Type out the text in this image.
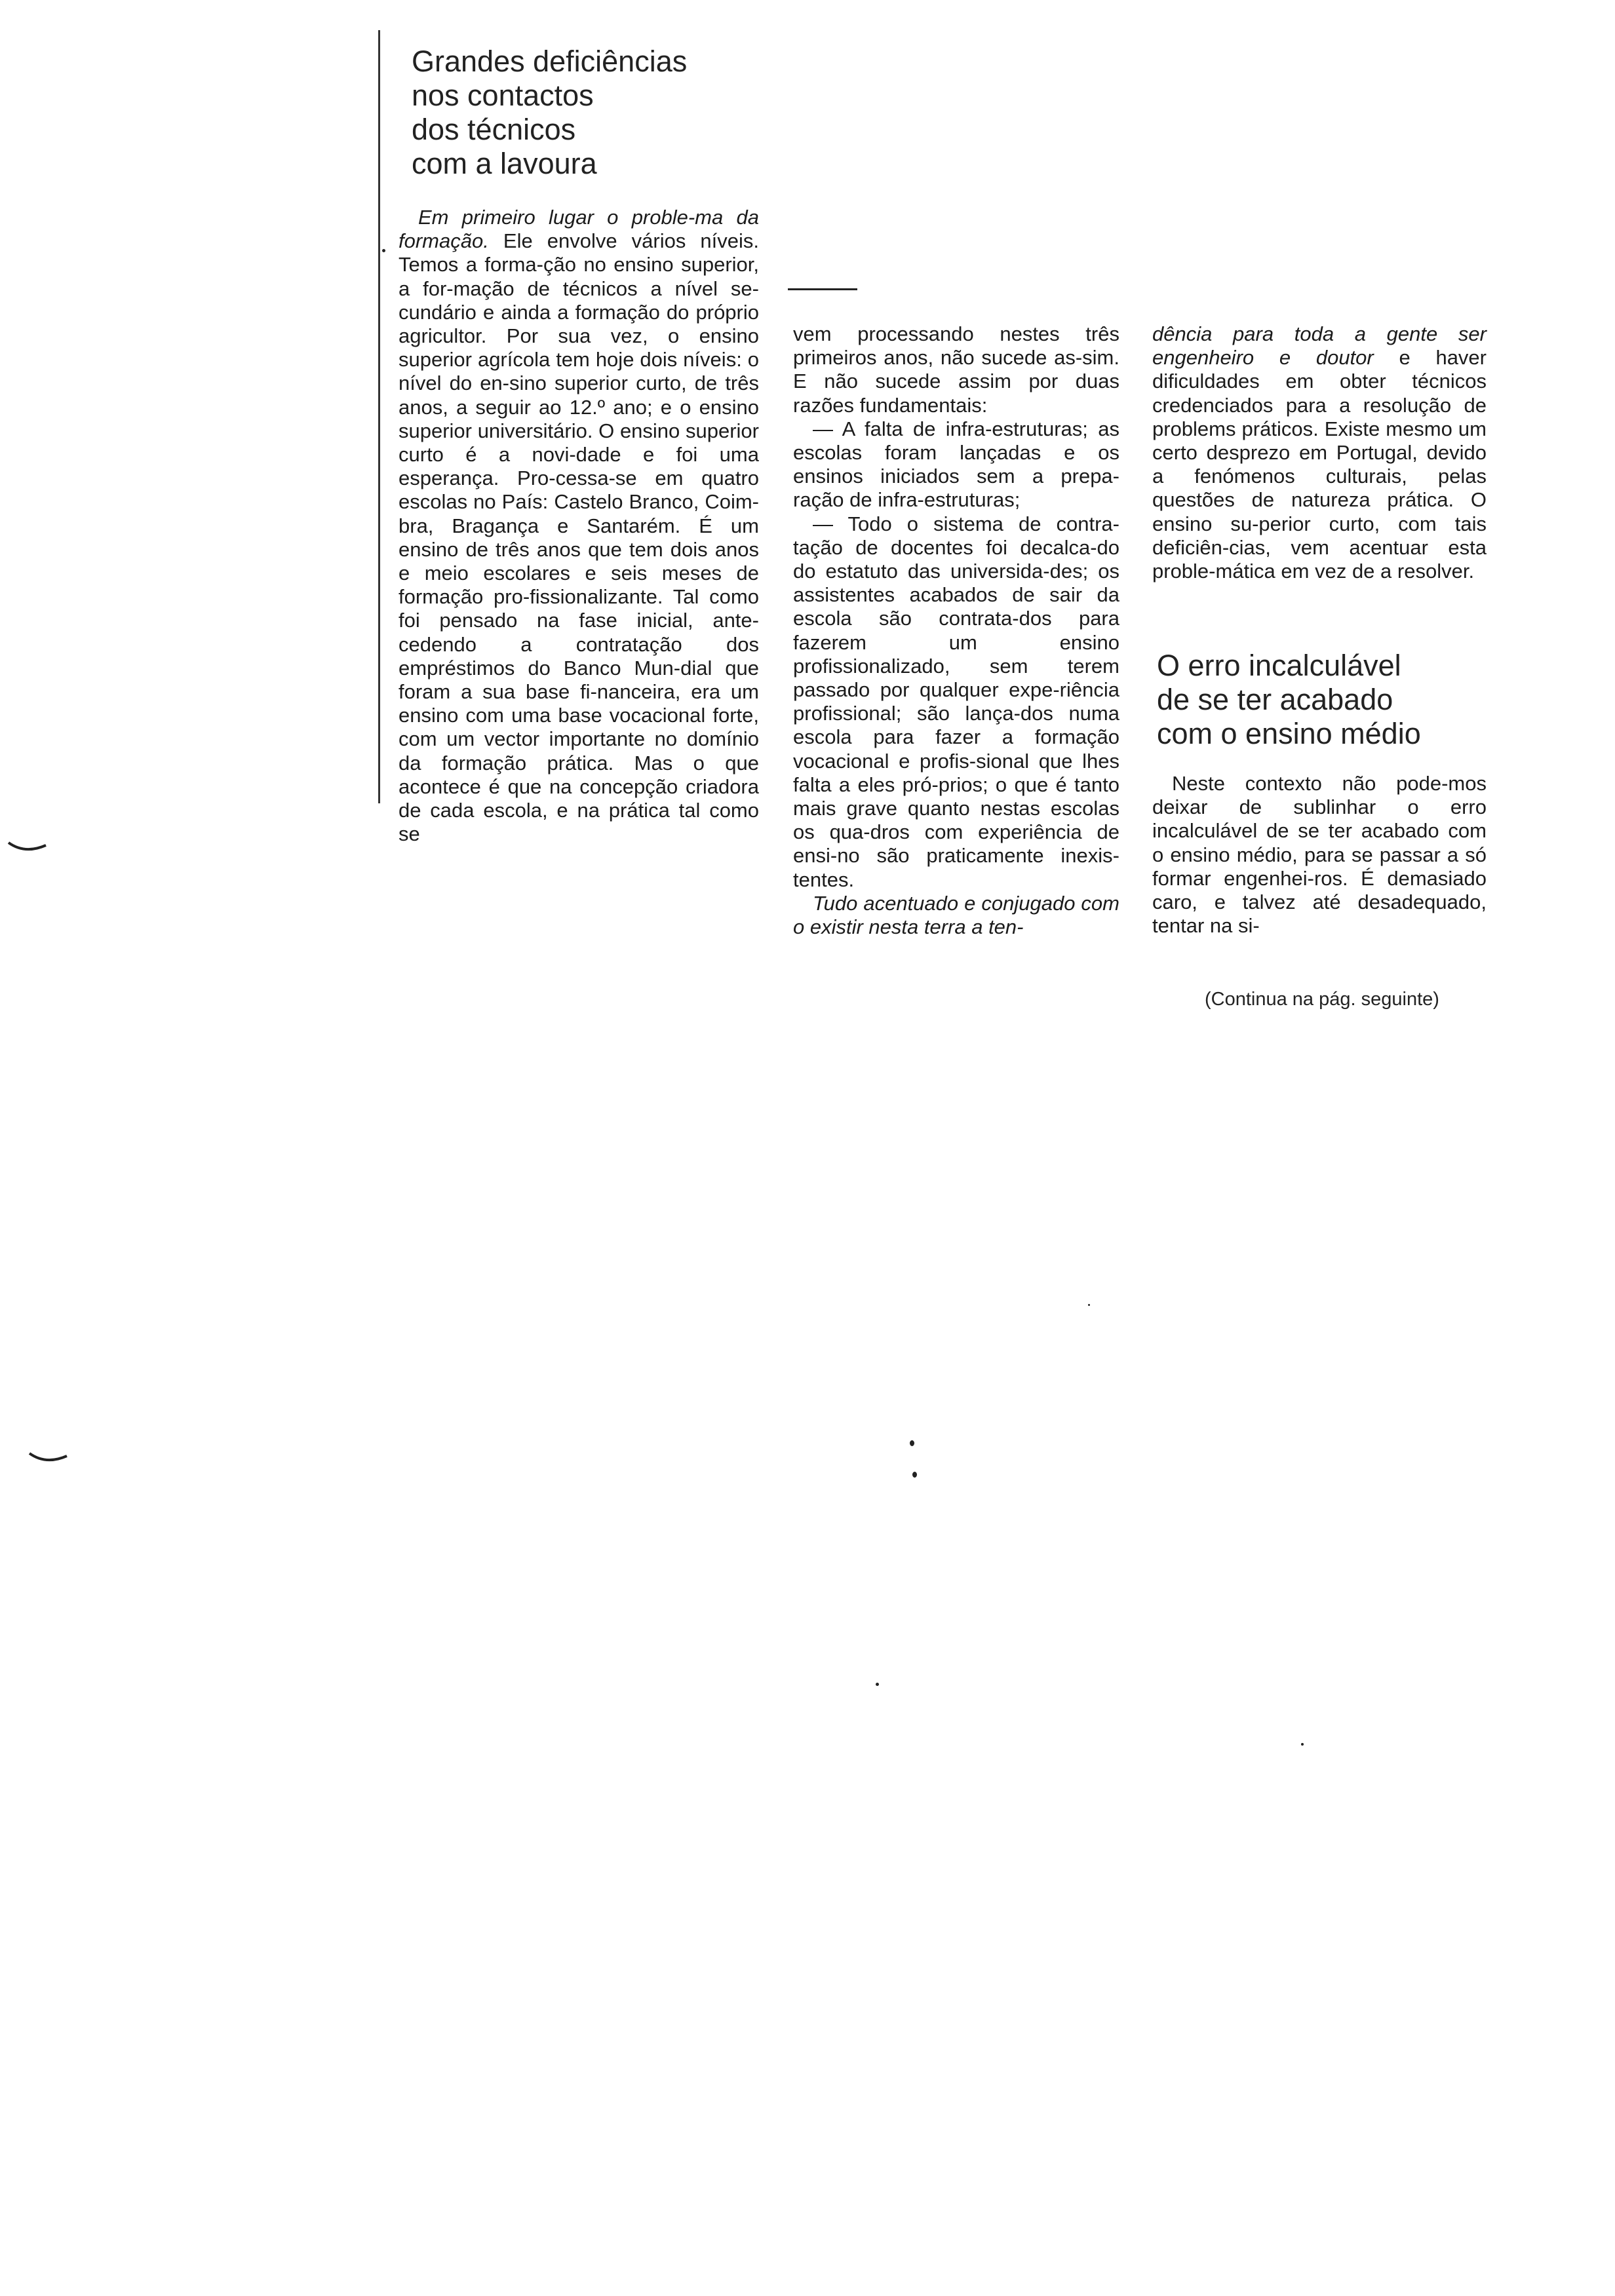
Grandes deficiências
nos contactos
dos técnicos
com a lavoura

Em primeiro lugar o proble-ma da formação. Ele envolve vários níveis. Temos a forma-ção no ensino superior, a for-mação de técnicos a nível se-cundário e ainda a formação do próprio agricultor. Por sua vez, o ensino superior agrícola tem hoje dois níveis: o nível do en-sino superior curto, de três anos, a seguir ao 12.º ano; e o ensino superior universitário. O ensino superior curto é a novi-dade e foi uma esperança. Pro-cessa-se em quatro escolas no País: Castelo Branco, Coim-bra, Bragança e Santarém. É um ensino de três anos que tem dois anos e meio escolares e seis meses de formação pro-fissionalizante. Tal como foi pensado na fase inicial, ante-cedendo a contratação dos empréstimos do Banco Mun-dial que foram a sua base fi-nanceira, era um ensino com uma base vocacional forte, com um vector importante no domínio da formação prática. Mas o que acontece é que na concepção criadora de cada escola, e na prática tal como se

vem processando nestes três primeiros anos, não sucede as-sim. E não sucede assim por duas razões fundamentais:

— A falta de infra-estruturas; as escolas foram lançadas e os ensinos iniciados sem a prepa-ração de infra-estruturas;

— Todo o sistema de contra-tação de docentes foi decalca-do do estatuto das universida-des; os assistentes acabados de sair da escola são contrata-dos para fazerem um ensino profissionalizado, sem terem passado por qualquer expe-riência profissional; são lança-dos numa escola para fazer a formação vocacional e profis-sional que lhes falta a eles pró-prios; o que é tanto mais grave quanto nestas escolas os qua-dros com experiência de ensi-no são praticamente inexis-tentes.

Tudo acentuado e conjugado com o existir nesta terra a ten-

dência para toda a gente ser engenheiro e doutor e haver dificuldades em obter técnicos credenciados para a resolução de problems práticos. Existe mesmo um certo desprezo em Portugal, devido a fenómenos culturais, pelas questões de natureza prática. O ensino su-perior curto, com tais deficiên-cias, vem acentuar esta proble-mática em vez de a resolver.

O erro incalculável
de se ter acabado
com o ensino médio

Neste contexto não pode-mos deixar de sublinhar o erro incalculável de se ter acabado com o ensino médio, para se passar a só formar engenhei-ros. É demasiado caro, e talvez até desadequado, tentar na si-

(Continua na pág. seguinte)
